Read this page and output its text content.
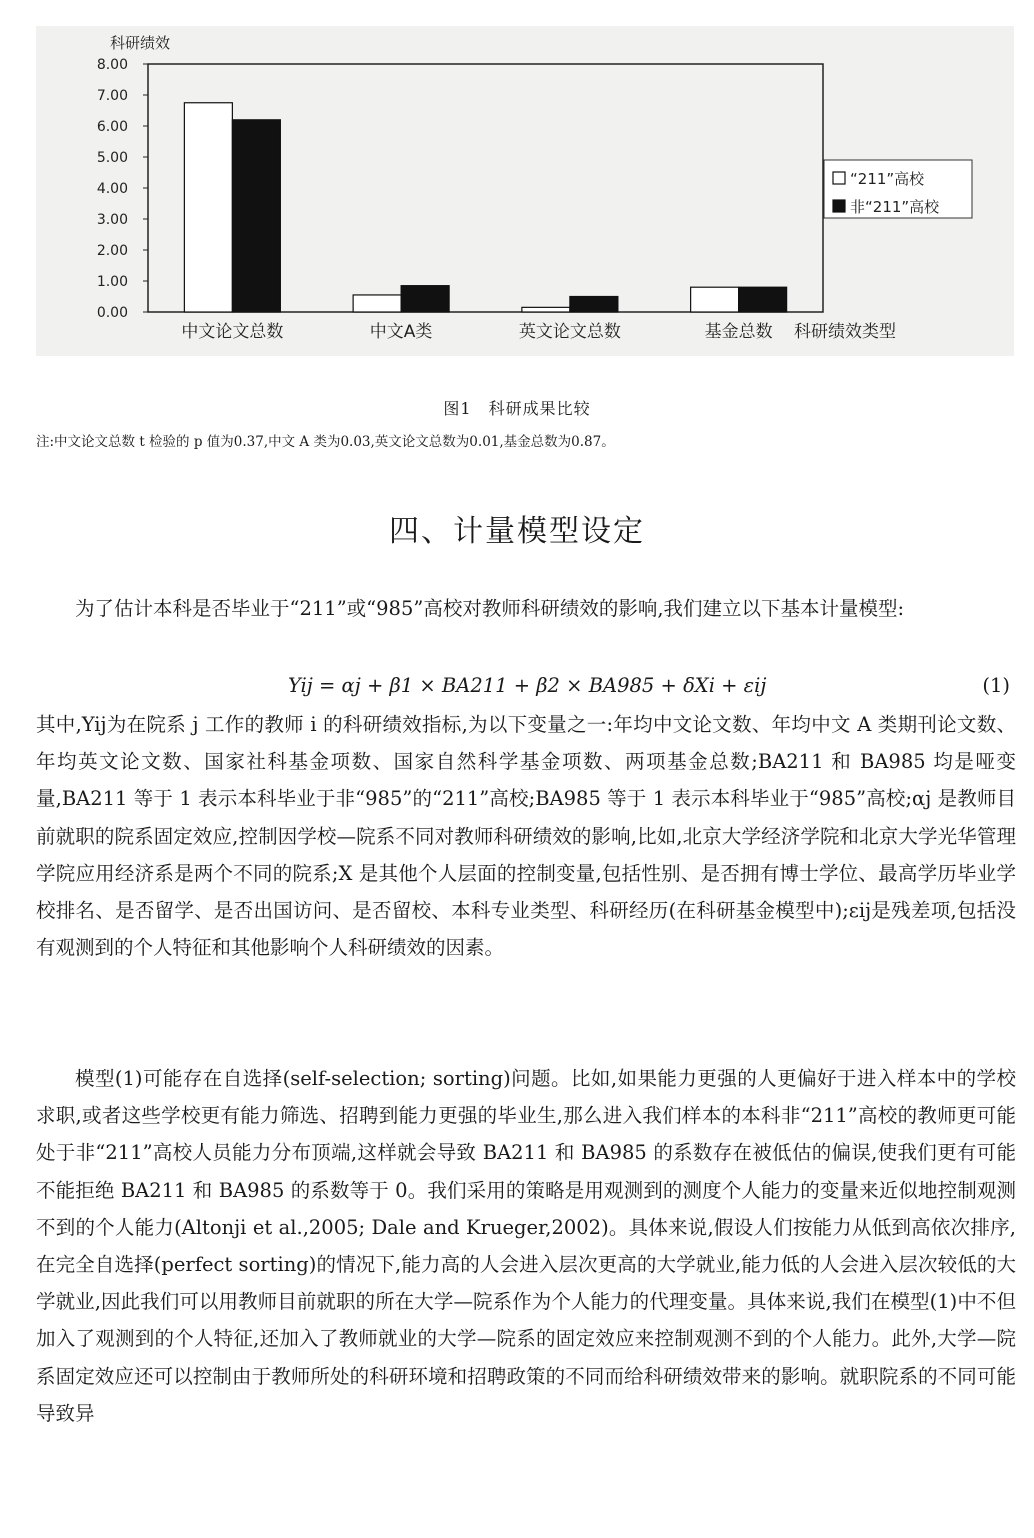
科研绩效
8.00
7.00
6.00
5.00
4.00
3.00
2.00
1.00
0.00
中文论文总数	中文A类	英文论文总数	基金总数 科研绩效类型
“211”高校
非“211”高校
图1　科研成果比较
注:中文论文总数 t 检验的 p 值为0.37,中文 A 类为0.03,英文论文总数为0.01,基金总数为0.87。
四、计量模型设定
为了估计本科是否毕业于“211”或“985”高校对教师科研绩效的影响,我们建立以下基本计量模型:
Yij = αj + β1 × BA211 + β2 × BA985 + δXi + εij	(1)
其中,Yij为在院系 j 工作的教师 i 的科研绩效指标,为以下变量之一:年均中文论文数、年均中文 A 类期刊论文数、年均英文论文数、国家社科基金项数、国家自然科学基金项数、两项基金总数;BA211 和 BA985 均是哑变量,BA211 等于 1 表示本科毕业于非“985”的“211”高校;BA985 等于 1 表示本科毕业于“985”高校;αj 是教师目前就职的院系固定效应,控制因学校—院系不同对教师科研绩效的影响,比如,北京大学经济学院和北京大学光华管理学院应用经济系是两个不同的院系;X 是其他个人层面的控制变量,包括性别、是否拥有博士学位、最高学历毕业学校排名、是否留学、是否出国访问、是否留校、本科专业类型、科研经历(在科研基金模型中);εij是残差项,包括没有观测到的个人特征和其他影响个人科研绩效的因素。
模型(1)可能存在自选择(self-selection; sorting)问题。比如,如果能力更强的人更偏好于进入样本中的学校求职,或者这些学校更有能力筛选、招聘到能力更强的毕业生,那么进入我们样本的本科非“211”高校的教师更可能处于非“211”高校人员能力分布顶端,这样就会导致 BA211 和 BA985 的系数存在被低估的偏误,使我们更有可能不能拒绝 BA211 和 BA985 的系数等于 0。我们采用的策略是用观测到的测度个人能力的变量来近似地控制观测不到的个人能力(Altonji et al.,2005; Dale and Krueger,2002)。具体来说,假设人们按能力从低到高依次排序,在完全自选择(perfect sorting)的情况下,能力高的人会进入层次更高的大学就业,能力低的人会进入层次较低的大学就业,因此我们可以用教师目前就职的所在大学—院系作为个人能力的代理变量。具体来说,我们在模型(1)中不但加入了观测到的个人特征,还加入了教师就业的大学—院系的固定效应来控制观测不到的个人能力。此外,大学—院系固定效应还可以控制由于教师所处的科研环境和招聘政策的不同而给科研绩效带来的影响。就职院系的不同可能导致异
